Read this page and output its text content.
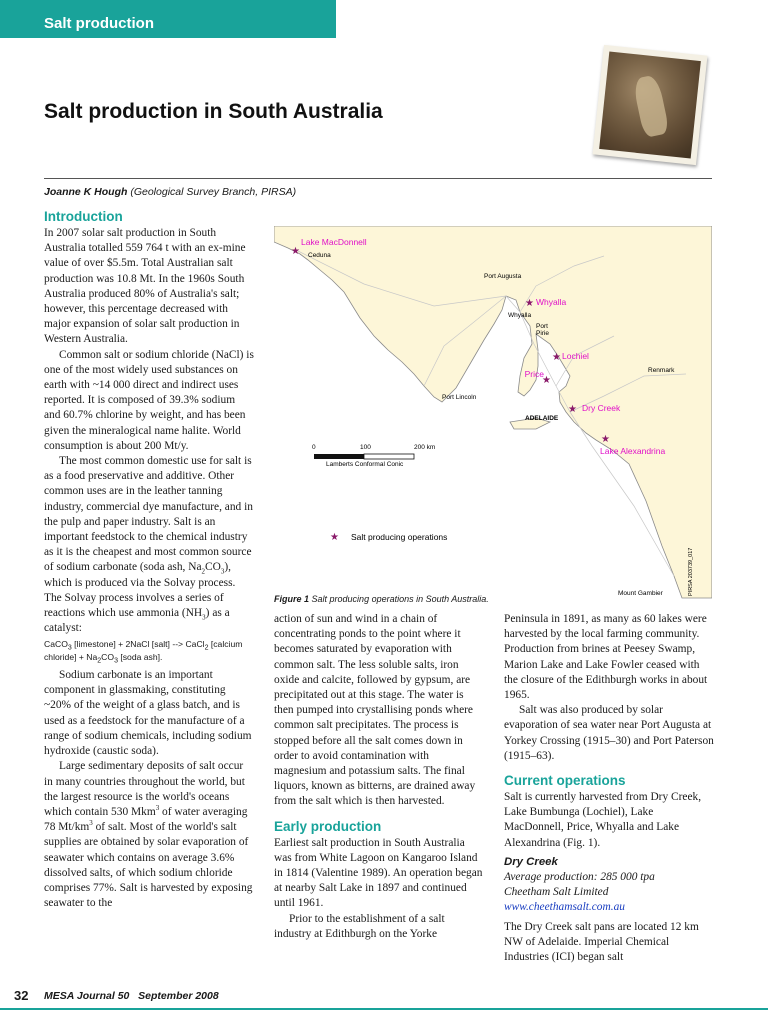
Salt production
Salt production in South Australia
Joanne K Hough (Geological Survey Branch, PIRSA)
Introduction

In 2007 solar salt production in South Australia totalled 559 764 t with an ex-mine value of over $5.5m. Total Australian salt production was 10.8 Mt. In the 1960s South Australia produced 80% of Australia's salt; however, this percentage decreased with major expansion of solar salt production in Western Australia.

Common salt or sodium chloride (NaCl) is one of the most widely used substances on earth with ~14 000 direct and indirect uses reported. It is composed of 39.3% sodium and 60.7% chlorine by weight, and has been given the mineralogical name halite. World consumption is about 200 Mt/y.

The most common domestic use for salt is as a food preservative and additive. Other common uses are in the leather tanning industry, commercial dye manufacture, and in the pulp and paper industry. Salt is an important feedstock to the chemical industry as it is the cheapest and most common source of sodium carbonate (soda ash, $Na_2CO_3$), which is produced via the Solvay process. The Solvay process involves a series of reactions which use ammonia $(NH_3)$ as a catalyst:

CaCO$_3$ [limestone] + 2NaCl [salt] --> CaCl$_2$ [calcium chloride] + $Na_2CO_3$ [soda ash].

Sodium carbonate is an important component in glassmaking, constituting ~20% of the weight of a glass batch, and is used as a feedstock for the manufacture of a range of sodium chemicals, including sodium hydroxide (caustic soda).

Large sedimentary deposits of salt occur in many countries throughout the world, but the largest resource is the world's oceans which contain 530 Mkm$^3$ of water averaging 78 $Mt/km^3$ of salt. Most of the world's salt supplies are obtained by solar evaporation of seawater which contains on average 3.6% dissolved salts, of which sodium chloride comprises 77%. Salt is harvested by exposing seawater to the

★
Lake MacDonnell
★ Whyalla
★ Lochiel
★
Price
★ Dry Creek
★
Lake Alexandrina
Ceduna
Port Augusta
Whyalla
Port
Pirie
Renmark
Port Lincoln
ADELAIDE
Mount Gambier
0	100	200 km
Lamberts Conformal Conic
★ Salt producing operations
PIRSA 203739_017
Figure 1 Salt producing operations in South Australia.

action of sun and wind in a chain of concentrating ponds to the point where it becomes saturated by evaporation with common salt. The less soluble salts, iron oxide and calcite, followed by gypsum, are precipitated out at this stage. The water is then pumped into crystallising ponds where common salt precipitates. The process is stopped before all the salt comes down in order to avoid contamination with magnesium and potassium salts. The final liquors, known as bitterns, are drained away from the salt which is then harvested.

Early production

Earliest salt production in South Australia was from White Lagoon on Kangaroo Island in 1814 (Valentine 1989). An operation began at nearby Salt Lake in 1897 and continued until 1961.

Prior to the establishment of a salt industry at Edithburgh on the Yorke

Peninsula in 1891, as many as 60 lakes were harvested by the local farming community. Production from brines at Peesey Swamp, Marion Lake and Lake Fowler ceased with the closure of the Edithburgh works in about 1965.

Salt was also produced by solar evaporation of sea water near Port Augusta at Yorkey Crossing (1915–30) and Port Paterson (1915–63).

Current operations

Salt is currently harvested from Dry Creek, Lake Bumbunga (Lochiel), Lake MacDonnell, Price, Whyalla and Lake Alexandrina (Fig. 1).

Dry Creek

Average production: 285 000 tpa

Cheetham Salt Limited

www.cheethamsalt.com.au

The Dry Creek salt pans are located 12 km NW of Adelaide. Imperial Chemical Industries (ICI) began salt

32 MESA Journal 50   September 2008
